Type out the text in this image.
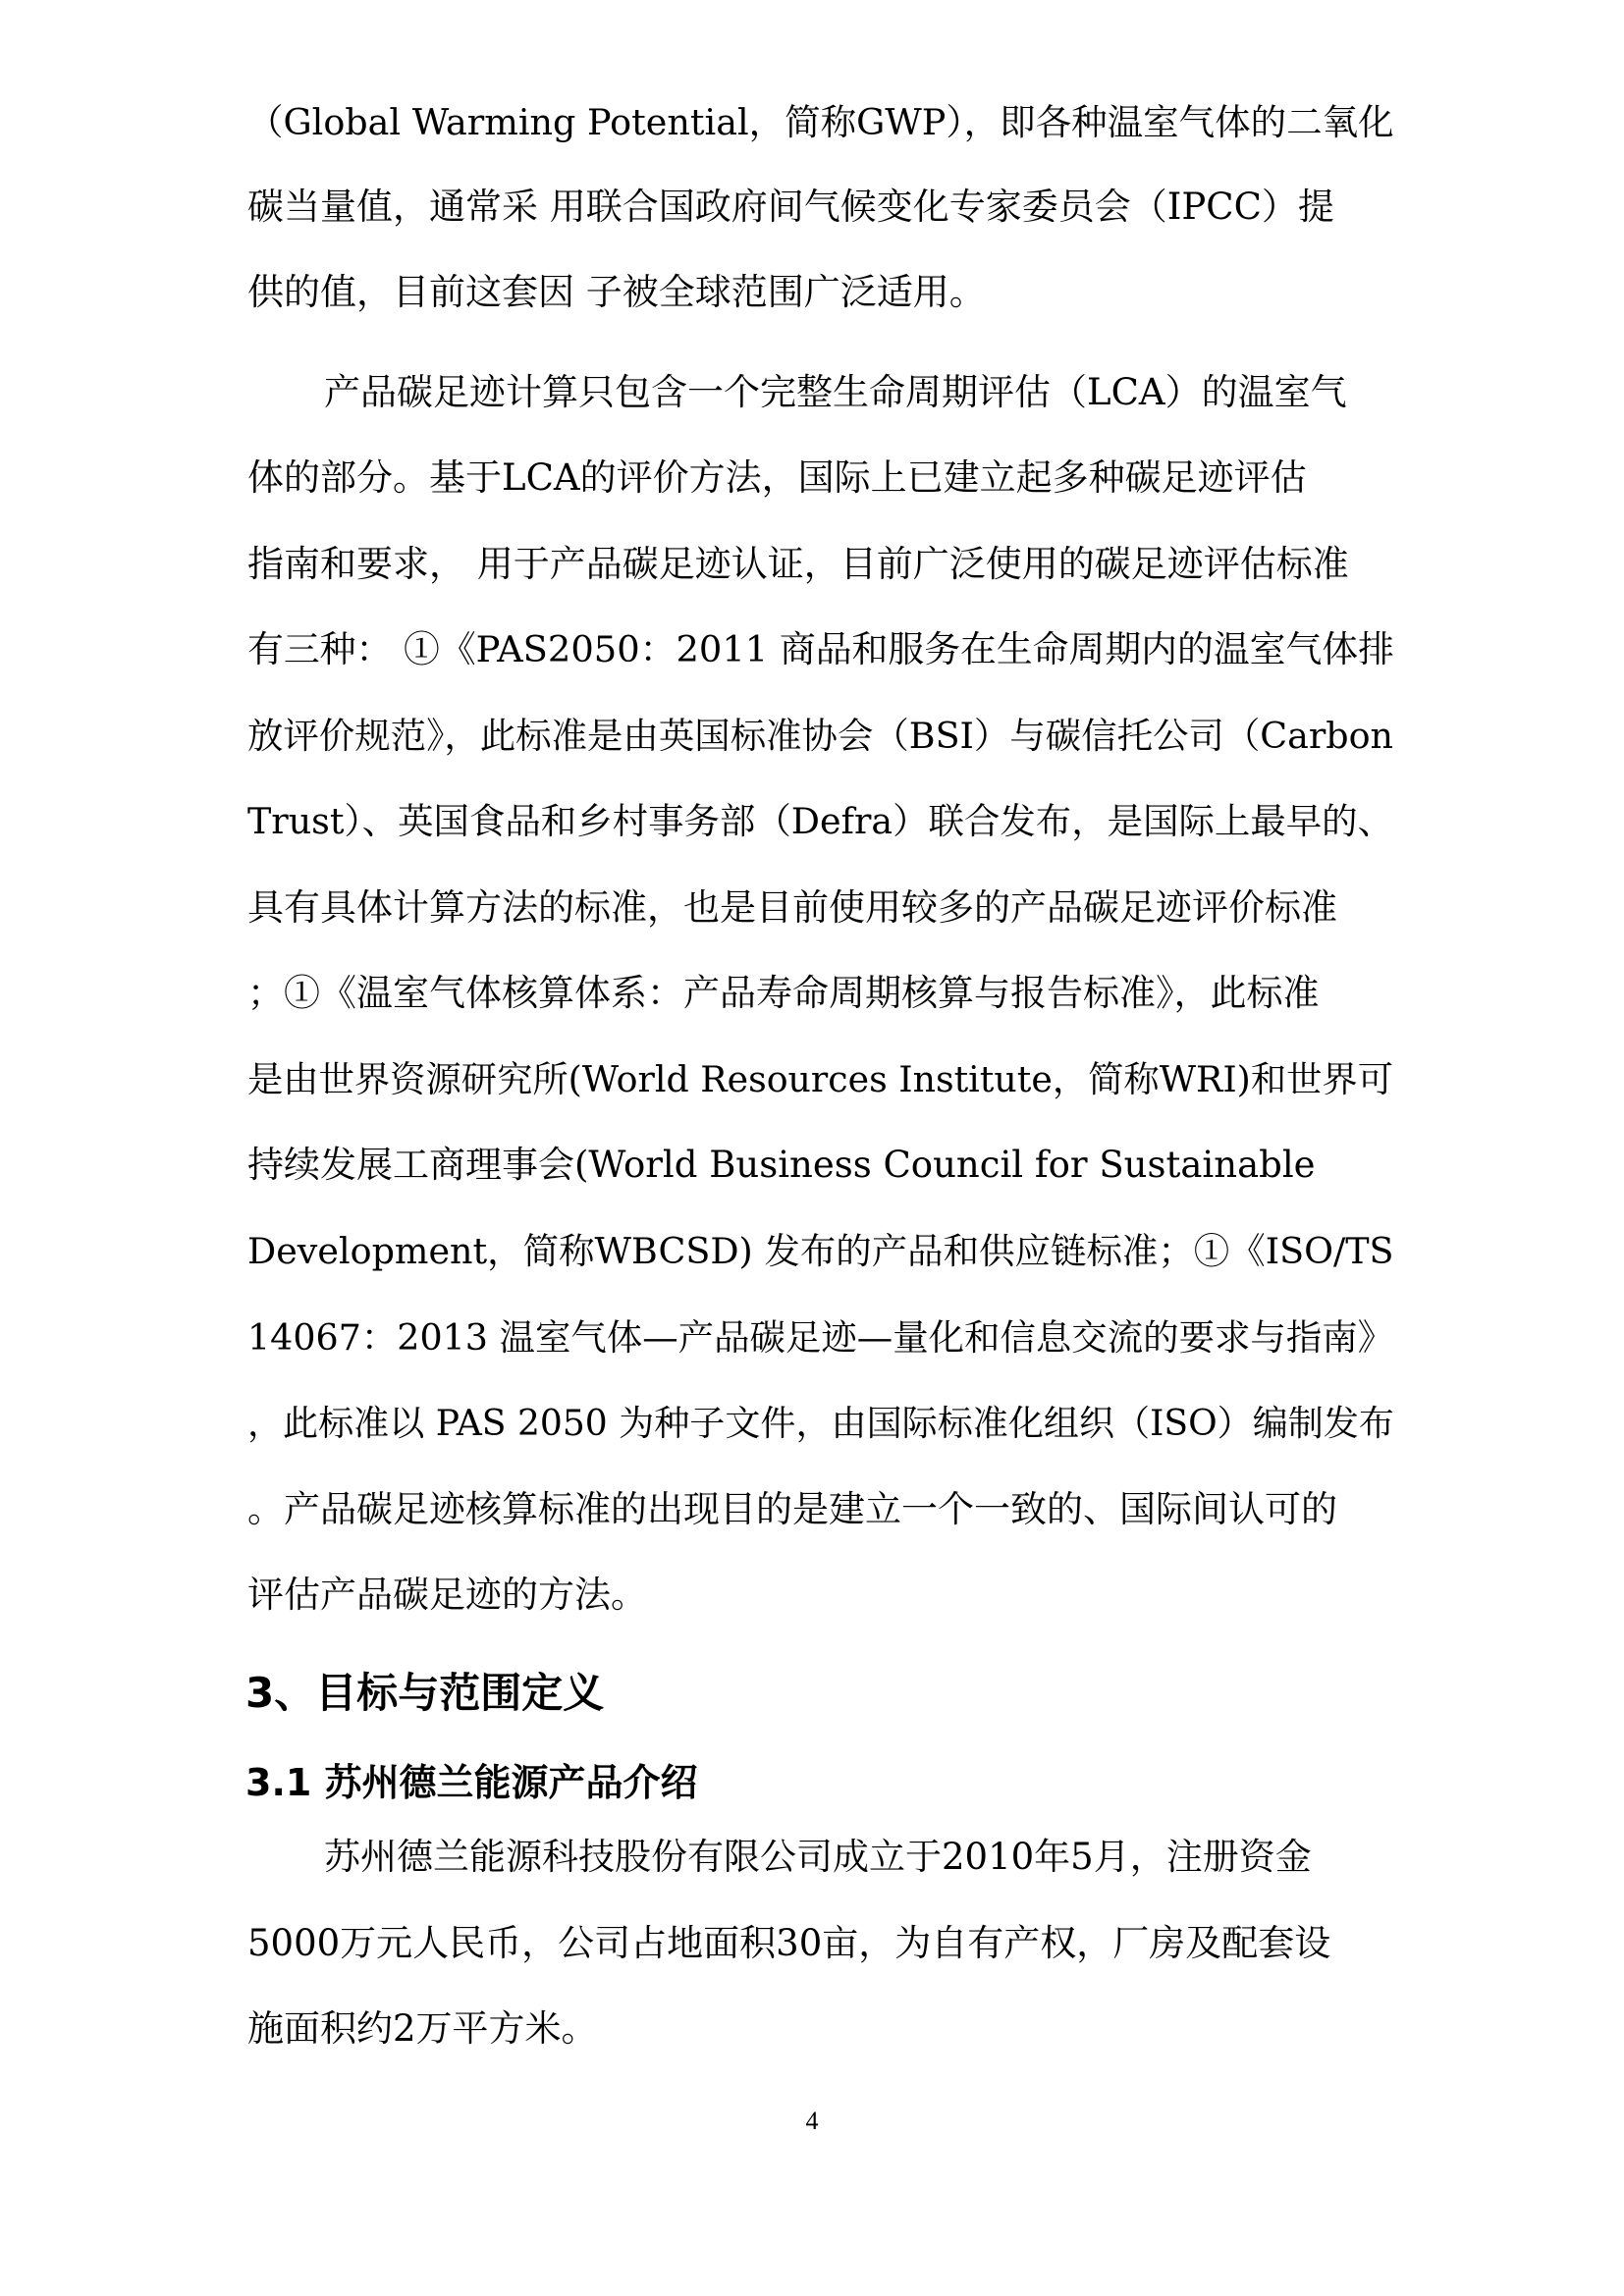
（Global Warming Potential，简称GWP），即各种温室气体的二氧化
碳当量值，通常采 用联合国政府间气候变化专家委员会（IPCC）提
供的值，目前这套因 子被全球范围广泛适用。
产品碳足迹计算只包含一个完整生命周期评估（LCA）的温室气
体的部分。基于LCA的评价方法，国际上已建立起多种碳足迹评估
指南和要求， 用于产品碳足迹认证，目前广泛使用的碳足迹评估标准
有三种： ①《PAS2050：2011 商品和服务在生命周期内的温室气体排
放评价规范》，此标准是由英国标准协会（BSI）与碳信托公司（Carbon
Trust）、英国食品和乡村事务部（Defra）联合发布，是国际上最早的、
具有具体计算方法的标准，也是目前使用较多的产品碳足迹评价标准
；①《温室气体核算体系：产品寿命周期核算与报告标准》，此标准
是由世界资源研究所(World Resources Institute，简称WRI)和世界可
持续发展工商理事会(World Business Council for Sustainable
Development，简称WBCSD) 发布的产品和供应链标准；①《ISO/TS
14067：2013 温室气体—产品碳足迹—量化和信息交流的要求与指南》
，此标准以 PAS 2050 为种子文件，由国际标准化组织（ISO）编制发布
。产品碳足迹核算标准的出现目的是建立一个一致的、国际间认可的
评估产品碳足迹的方法。
3、目标与范围定义
3.1 苏州德兰能源产品介绍
苏州德兰能源科技股份有限公司成立于2010年5月，注册资金
5000万元人民币，公司占地面积30亩，为自有产权，厂房及配套设
施面积约2万平方米。
4
